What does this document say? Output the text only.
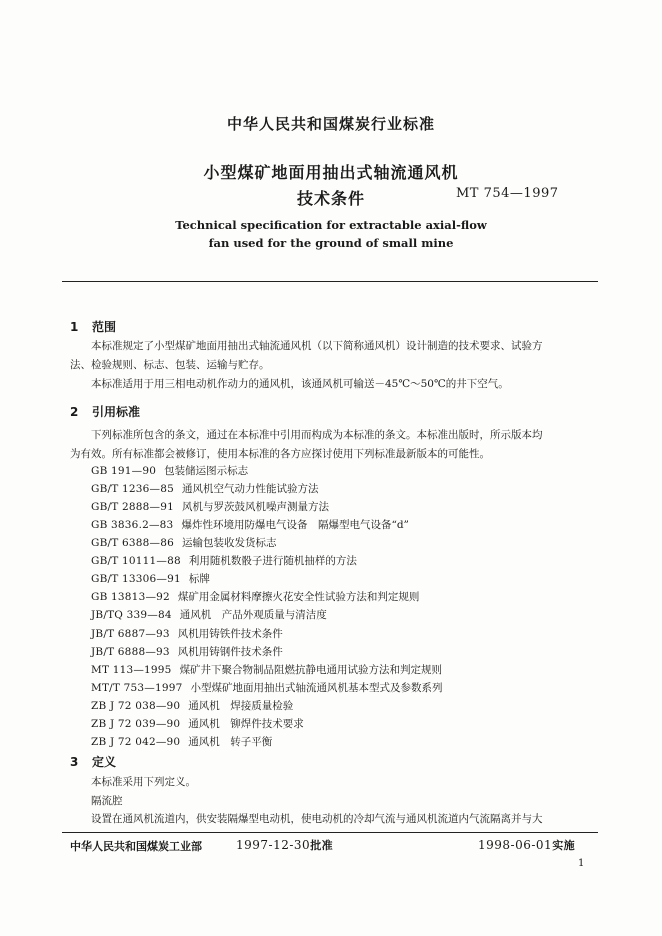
中华人民共和国煤炭行业标准
小型煤矿地面用抽出式轴流通风机
技术条件	MT 754—1997
Technical specification for extractable axial-flow
fan used for the ground of small mine
1 范围
本标准规定了小型煤矿地面用抽出式轴流通风机（以下简称通风机）设计制造的技术要求、试验方
法、检验规则、标志、包装、运输与贮存。
本标准适用于用三相电动机作动力的通风机，该通风机可输送－45℃～50℃的井下空气。
2 引用标准
下列标准所包含的条文，通过在本标准中引用而构成为本标准的条文。本标准出版时，所示版本均
为有效。所有标准都会被修订，使用本标准的各方应探讨使用下列标准最新版本的可能性。
GB 191—90 包装储运图示标志
GB/T 1236—85 通风机空气动力性能试验方法
GB/T 2888—91 风机与罗茨鼓风机噪声测量方法
GB 3836.2—83 爆炸性环境用防爆电气设备　隔爆型电气设备“d”
GB/T 6388—86 运输包装收发货标志
GB/T 10111—88 利用随机数骰子进行随机抽样的方法
GB/T 13306—91 标牌
GB 13813—92 煤矿用金属材料摩擦火花安全性试验方法和判定规则
JB/TQ 339—84 通风机　产品外观质量与清洁度
JB/T 6887—93 风机用铸铁件技术条件
JB/T 6888—93 风机用铸钢件技术条件
MT 113—1995 煤矿井下聚合物制品阻燃抗静电通用试验方法和判定规则
MT/T 753—1997 小型煤矿地面用抽出式轴流通风机基本型式及参数系列
ZB J 72 038—90 通风机　焊接质量检验
ZB J 72 039—90 通风机　铆焊件技术要求
ZB J 72 042—90 通风机　转子平衡
3 定义
本标准采用下列定义。
隔流腔
设置在通风机流道内，供安装隔爆型电动机，使电动机的冷却气流与通风机流道内气流隔离并与大
中华人民共和国煤炭工业部	1997-12-30批准	1998-06-01实施
1
